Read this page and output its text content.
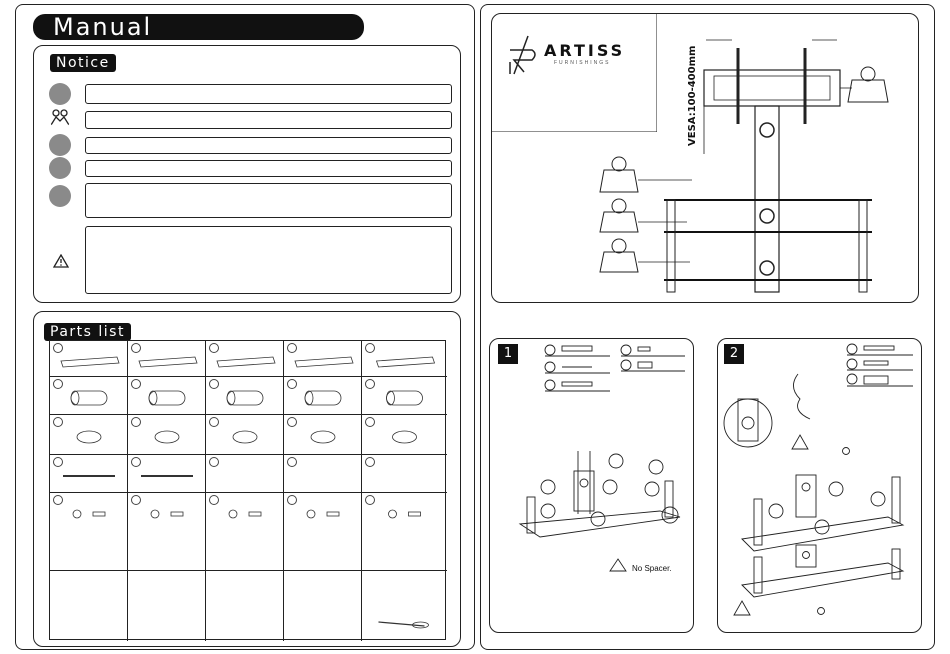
Manual
Notice
Parts list
ARTISS
FURNISHINGS	VESA:100-400mm
1
No Spacer.
2
